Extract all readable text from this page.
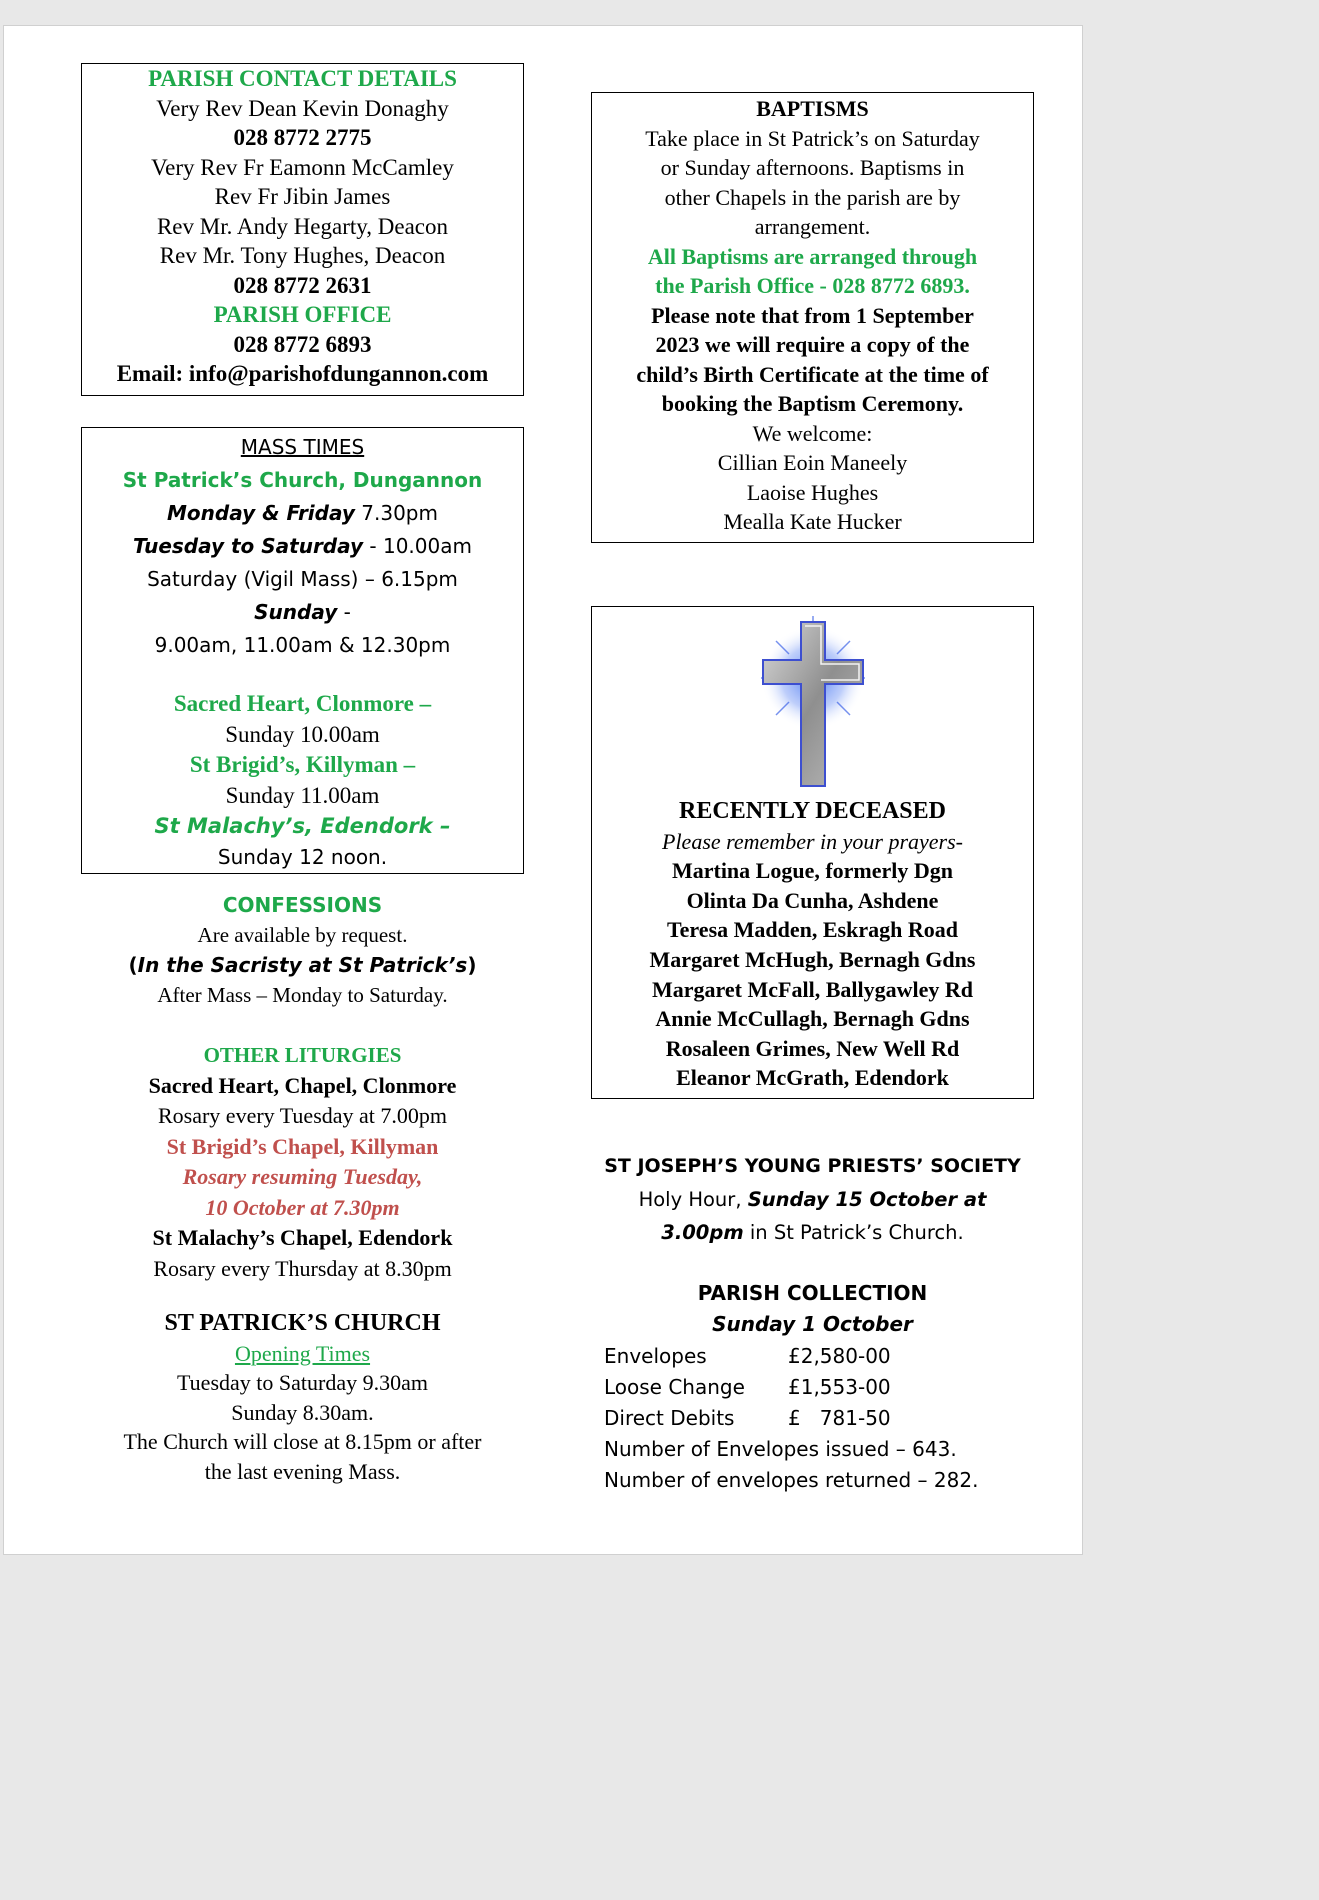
PARISH CONTACT DETAILS
Very Rev Dean Kevin Donaghy
028 8772 2775
Very Rev Fr Eamonn McCamley
Rev Fr Jibin James
Rev Mr. Andy Hegarty, Deacon
Rev Mr. Tony Hughes, Deacon
028 8772 2631
PARISH OFFICE
028 8772 6893
Email: info@parishofdungannon.com
MASS TIMES
St Patrick’s Church, Dungannon
Monday & Friday 7.30pm
Tuesday to Saturday - 10.00am
Saturday (Vigil Mass) – 6.15pm
Sunday -
9.00am, 11.00am & 12.30pm
Sacred Heart, Clonmore –
Sunday 10.00am
St Brigid’s, Killyman –
Sunday 11.00am
St Malachy’s, Edendork –
Sunday 12 noon.
CONFESSIONS
Are available by request.
(In the Sacristy at St Patrick’s)
After Mass – Monday to Saturday.
OTHER LITURGIES
Sacred Heart, Chapel, Clonmore
Rosary every Tuesday at 7.00pm
St Brigid’s Chapel, Killyman
Rosary resuming Tuesday,
10 October at 7.30pm
St Malachy’s Chapel, Edendork
Rosary every Thursday at 8.30pm
ST PATRICK’S CHURCH
Opening Times
Tuesday to Saturday 9.30am
Sunday 8.30am.
The Church will close at 8.15pm or after
the last evening Mass.
BAPTISMS
Take place in St Patrick’s on Saturday
or Sunday afternoons. Baptisms in
other Chapels in the parish are by
arrangement.
All Baptisms are arranged through
the Parish Office - 028 8772 6893.
Please note that from 1 September
2023 we will require a copy of the
child’s Birth Certificate at the time of
booking the Baptism Ceremony.
We welcome:
Cillian Eoin Maneely
Laoise Hughes
Mealla Kate Hucker
RECENTLY DECEASED
Please remember in your prayers-
Martina Logue, formerly Dgn
Olinta Da Cunha, Ashdene
Teresa Madden, Eskragh Road
Margaret McHugh, Bernagh Gdns
Margaret McFall, Ballygawley Rd
Annie McCullagh, Bernagh Gdns
Rosaleen Grimes, New Well Rd
Eleanor McGrath, Edendork
ST JOSEPH’S YOUNG PRIESTS’ SOCIETY
Holy Hour, Sunday 15 October at
3.00pm in St Patrick’s Church.
PARISH COLLECTION
Sunday 1 October
Envelopes	£2,580-00
Loose Change	£1,553-00
Direct Debits	£   781-50
Number of Envelopes issued – 643.
Number of envelopes returned – 282.
